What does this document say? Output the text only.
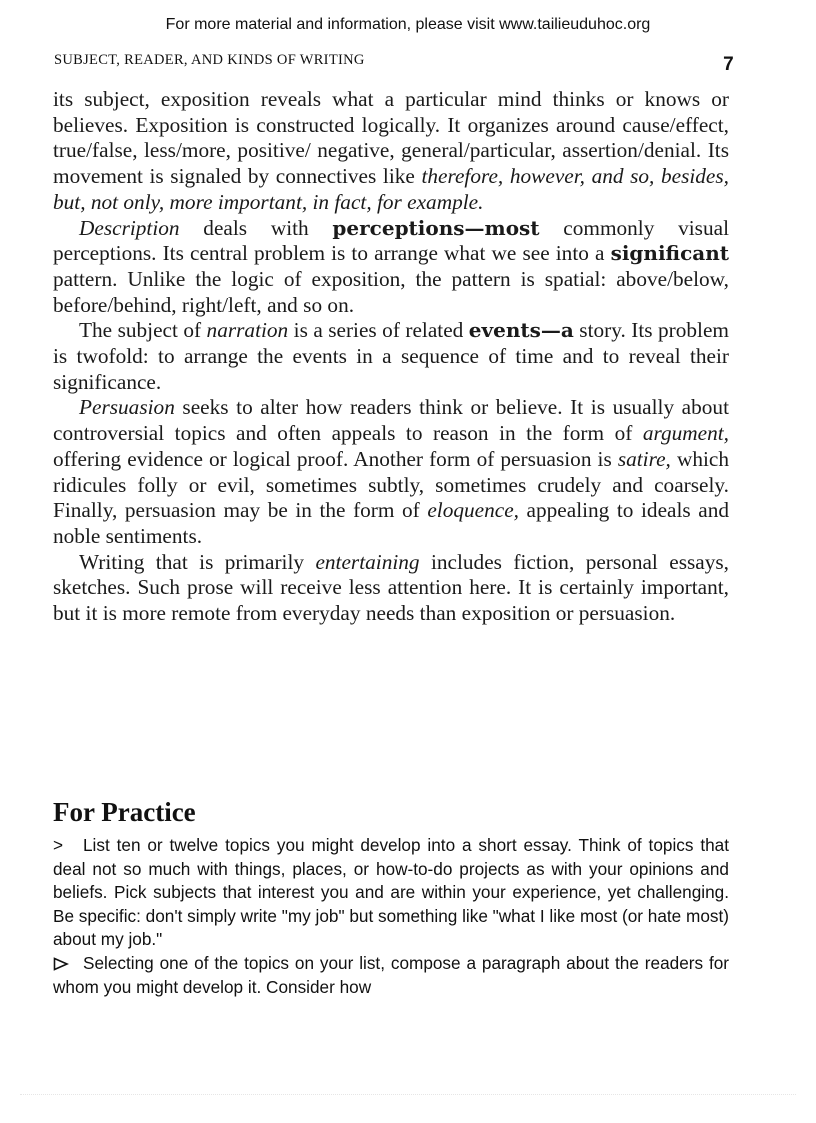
For more material and information, please visit www.tailieuduhoc.org
SUBJECT, READER, AND KINDS OF WRITING	7

its subject, exposition reveals what a particular mind thinks or knows or believes. Exposition is constructed logically. It organizes around cause/effect, true/false, less/more, positive/ negative, general/particular, assertion/denial. Its movement is signaled by connectives like therefore, however, and so, besides, but, not only, more important, in fact, for example.

Description deals with perceptions—most commonly visual perceptions. Its central problem is to arrange what we see into a significant pattern. Unlike the logic of exposition, the pattern is spatial: above/below, before/behind, right/left, and so on.

The subject of narration is a series of related events—a story. Its problem is twofold: to arrange the events in a sequence of time and to reveal their significance.

Persuasion seeks to alter how readers think or believe. It is usually about controversial topics and often appeals to reason in the form of argument, offering evidence or logical proof. Another form of persuasion is satire, which ridicules folly or evil, sometimes subtly, sometimes crudely and coarsely. Finally, persuasion may be in the form of eloquence, appealing to ideals and noble sentiments.

Writing that is primarily entertaining includes fiction, personal essays, sketches. Such prose will receive less attention here. It is certainly important, but it is more remote from everyday needs than exposition or persuasion.

For Practice

> List ten or twelve topics you might develop into a short essay. Think of topics that deal not so much with things, places, or how-to-do projects as with your opinions and beliefs. Pick subjects that interest you and are within your experience, yet challenging. Be specific: don't simply write "my job" but something like "what I like most (or hate most) about my job."

Selecting one of the topics on your list, compose a paragraph about the readers for whom you might develop it. Consider how
